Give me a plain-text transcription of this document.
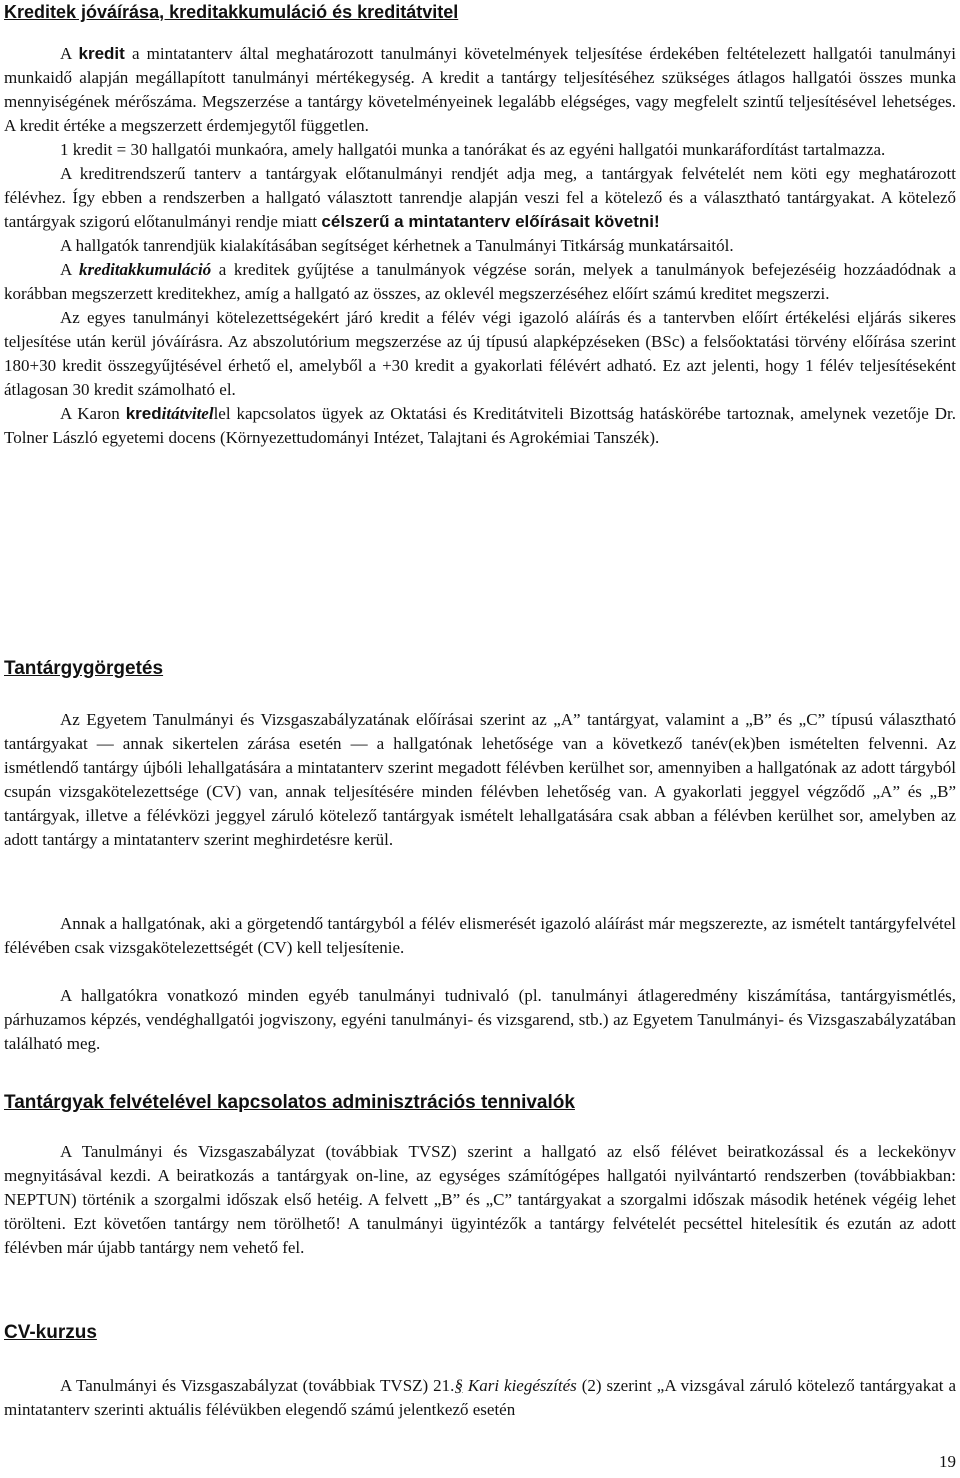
Kreditek jóváírása, kreditakkumuláció és kreditátvitel

A kredit a mintatanterv által meghatározott tanulmányi követelmények teljesítése érdekében feltételezett hallgatói tanulmányi munkaidő alapján megállapított tanulmányi mértékegység. A kredit a tantárgy teljesítéséhez szükséges átlagos hallgatói összes munka mennyiségének mérőszáma. Megszerzése a tantárgy követelményeinek legalább elégséges, vagy megfelelt szintű teljesítésével lehetséges. A kredit értéke a megszerzett érdemjegytől független.

1 kredit = 30 hallgatói munkaóra, amely hallgatói munka a tanórákat és az egyéni hallgatói munkaráfordítást tartalmazza.

A kreditrendszerű tanterv a tantárgyak előtanulmányi rendjét adja meg, a tantárgyak felvételét nem köti egy meghatározott félévhez. Így ebben a rendszerben a hallgató választott tanrendje alapján veszi fel a kötelező és a választható tantárgyakat. A kötelező tantárgyak szigorú előtanulmányi rendje miatt célszerű a mintatanterv előírásait követni!

A hallgatók tanrendjük kialakításában segítséget kérhetnek a Tanulmányi Titkárság munkatársaitól.

A kreditakkumuláció a kreditek gyűjtése a tanulmányok végzése során, melyek a tanulmányok befejezéséig hozzáadódnak a korábban megszerzett kreditekhez, amíg a hallgató az összes, az oklevél megszerzéséhez előírt számú kreditet megszerzi.

Az egyes tanulmányi kötelezettségekért járó kredit a félév végi igazoló aláírás és a tantervben előírt értékelési eljárás sikeres teljesítése után kerül jóváírásra. Az abszolutórium megszerzése az új típusú alapképzéseken (BSc) a felsőoktatási törvény előírása szerint 180+30 kredit összegyűjtésével érhető el, amelyből a +30 kredit a gyakorlati félévért adható. Ez azt jelenti, hogy 1 félév teljesítéseként átlagosan 30 kredit számolható el.

A Karon kreditátvitellel kapcsolatos ügyek az Oktatási és Kreditátviteli Bizottság hatáskörébe tartoznak, amelynek vezetője Dr. Tolner László egyetemi docens (Környezettudományi Intézet, Talajtani és Agrokémiai Tanszék).

Tantárgygörgetés

Az Egyetem Tanulmányi és Vizsgaszabályzatának előírásai szerint az „A” tantárgyat, valamint a „B” és „C” típusú választható tantárgyakat — annak sikertelen zárása esetén — a hallgatónak lehetősége van a következő tanév(ek)ben ismételten felvenni. Az ismétlendő tantárgy újbóli lehallgatására a mintatanterv szerint megadott félévben kerülhet sor, amennyiben a hallgatónak az adott tárgyból csupán vizsgakötelezettsége (CV) van, annak teljesítésére minden félévben lehetőség van. A gyakorlati jeggyel végződő „A” és „B” tantárgyak, illetve a félévközi jeggyel záruló kötelező tantárgyak ismételt lehallgatására csak abban a félévben kerülhet sor, amelyben az adott tantárgy a mintatanterv szerint meghirdetésre kerül.

Annak a hallgatónak, aki a görgetendő tantárgyból a félév elismerését igazoló aláírást már megszerezte, az ismételt tantárgyfelvétel félévében csak vizsgakötelezettségét (CV) kell teljesítenie.

A hallgatókra vonatkozó minden egyéb tanulmányi tudnivaló (pl. tanulmányi átlageredmény kiszámítása, tantárgyismétlés, párhuzamos képzés, vendéghallgatói jogviszony, egyéni tanulmányi- és vizsgarend, stb.) az Egyetem Tanulmányi- és Vizsgaszabályzatában található meg.

Tantárgyak felvételével kapcsolatos adminisztrációs tennivalók

A Tanulmányi és Vizsgaszabályzat (továbbiak TVSZ) szerint a hallgató az első félévet beiratkozással és a leckekönyv megnyitásával kezdi. A beiratkozás a tantárgyak on-line, az egységes számítógépes hallgatói nyilvántartó rendszerben (továbbiakban: NEPTUN) történik a szorgalmi időszak első hetéig. A felvett „B” és „C” tantárgyakat a szorgalmi időszak második hetének végéig lehet törölteni. Ezt követően tantárgy nem törölhető! A tanulmányi ügyintézők a tantárgy felvételét pecséttel hitelesítik és ezután az adott félévben már újabb tantárgy nem vehető fel.

CV-kurzus

A Tanulmányi és Vizsgaszabályzat (továbbiak TVSZ) 21.§ Kari kiegészítés (2) szerint „A vizsgával záruló kötelező tantárgyakat a mintatanterv szerinti aktuális félévükben elegendő számú jelentkező esetén

19
